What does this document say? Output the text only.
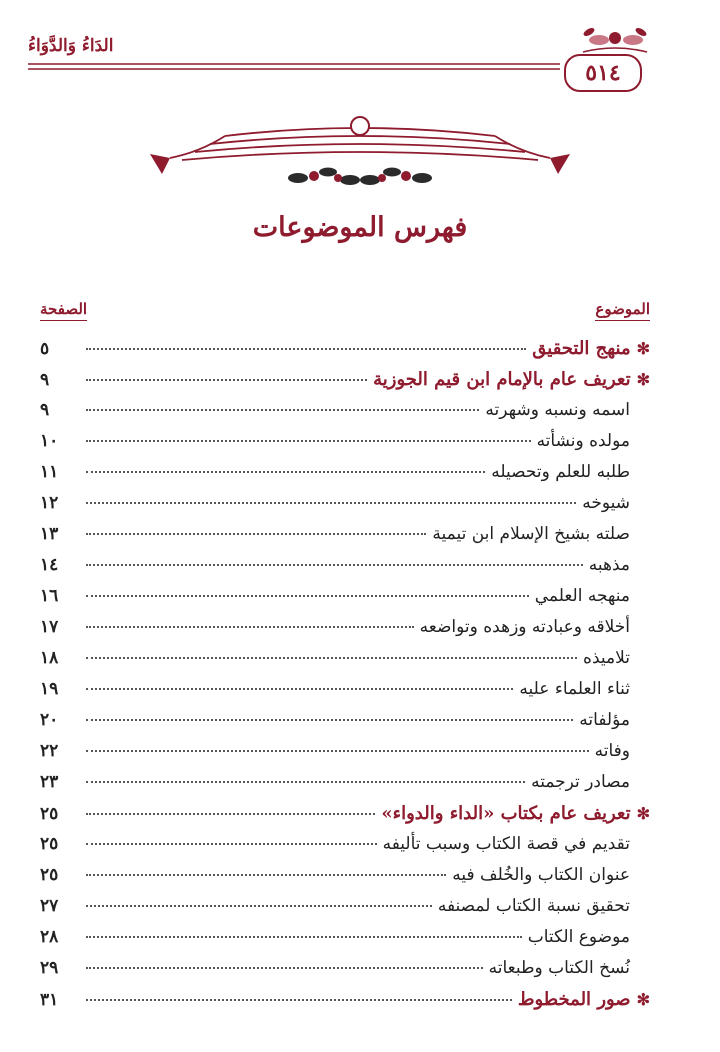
الدَاءُ وَالدَّوَاءُ
٥١٤
فهرس الموضوعات
الموضوع
الصفحة
✻منهج التحقيق
٥
✻تعريف عام بالإمام ابن قيم الجوزية
٩
اسمه ونسبه وشهرته
٩
مولده ونشأته
١٠
طلبه للعلم وتحصيله
١١
شيوخه
١٢
صلته بشيخ الإسلام ابن تيمية
١٣
مذهبه
١٤
منهجه العلمي
١٦
أخلاقه وعبادته وزهده وتواضعه
١٧
تلاميذه
١٨
ثناء العلماء عليه
١٩
مؤلفاته
٢٠
وفاته
٢٢
مصادر ترجمته
٢٣
✻تعريف عام بكتاب «الداء والدواء»
٢٥
تقديم في قصة الكتاب وسبب تأليفه
٢٥
عنوان الكتاب والخُلف فيه
٢٥
تحقيق نسبة الكتاب لمصنفه
٢٧
موضوع الكتاب
٢٨
نُسخ الكتاب وطبعاته
٢٩
✻صور المخطوط
٣١
